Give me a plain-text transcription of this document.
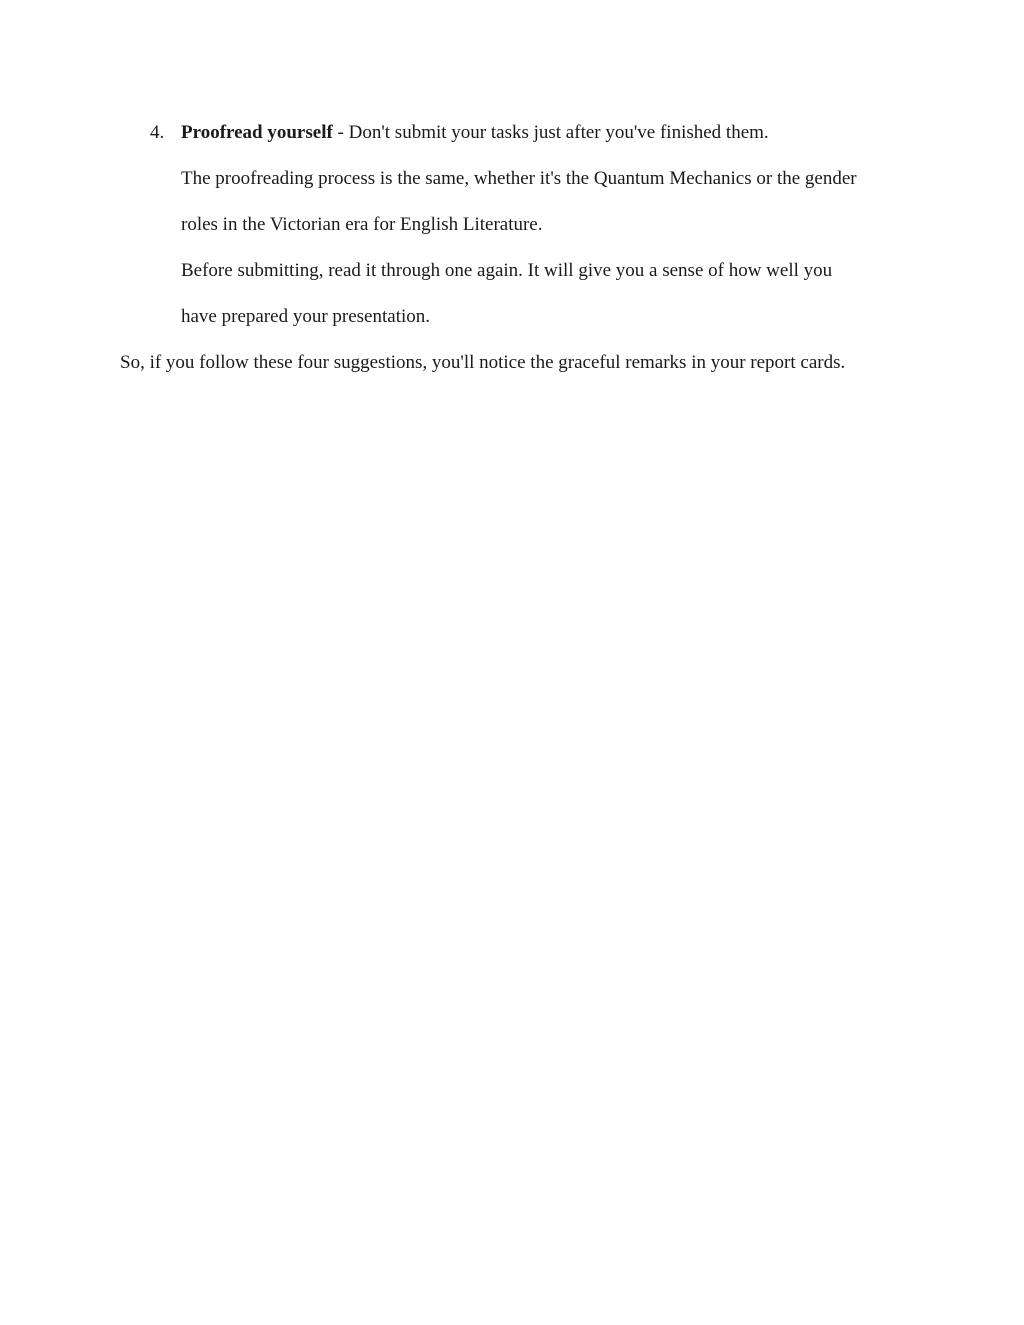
4. Proofread yourself - Don't submit your tasks just after you've finished them.
The proofreading process is the same, whether it's the Quantum Mechanics or the gender
roles in the Victorian era for English Literature.
Before submitting, read it through one again. It will give you a sense of how well you
have prepared your presentation.
So, if you follow these four suggestions, you'll notice the graceful remarks in your report cards.
